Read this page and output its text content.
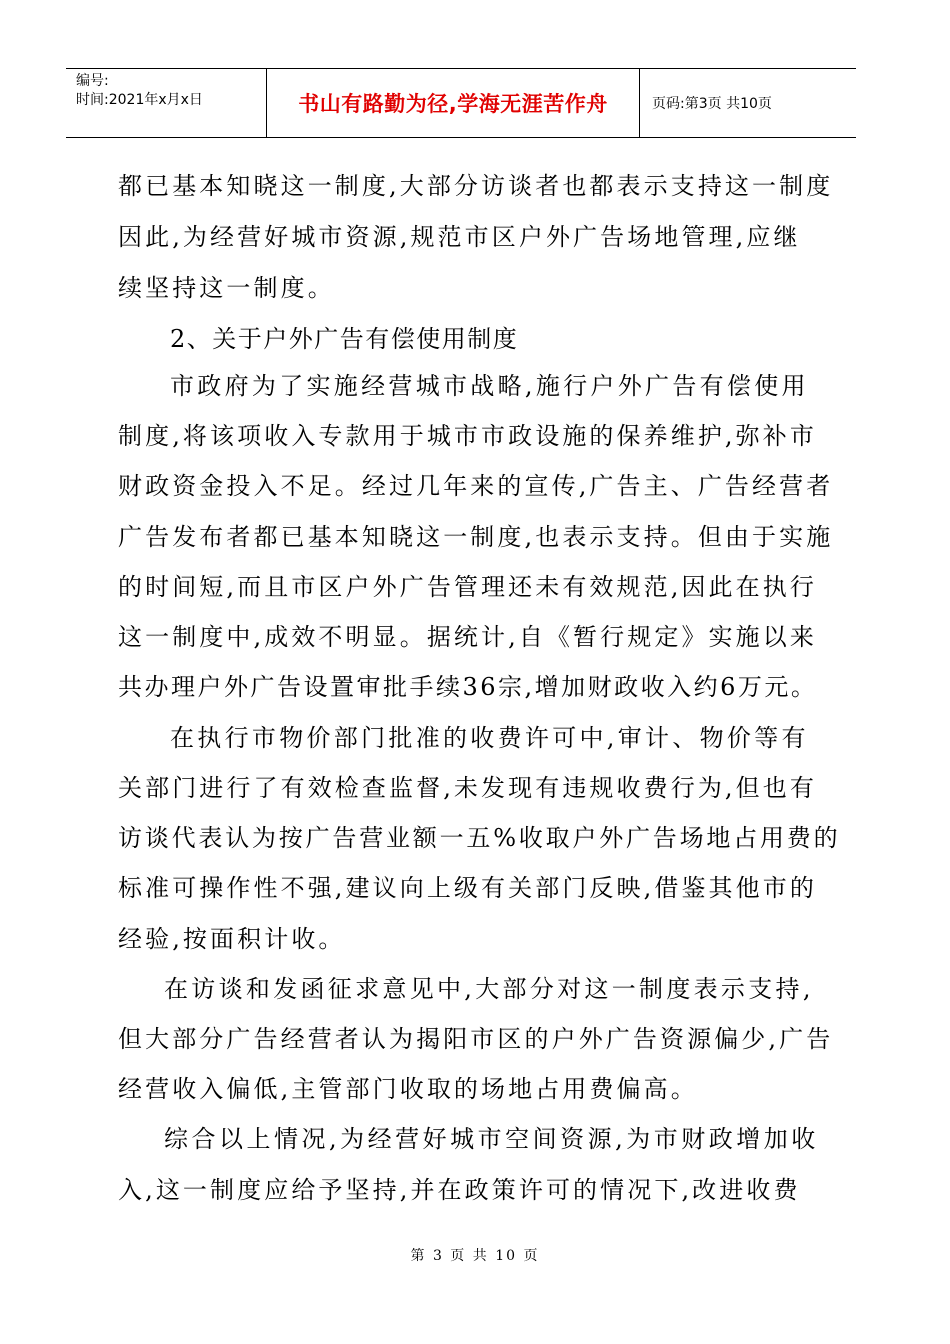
编号:
时间:2021年x月x日	书山有路勤为径,学海无涯苦作舟	页码:第3页 共10页
都已基本知晓这一制度,大部分访谈者也都表示支持这一制度
因此,为经营好城市资源,规范市区户外广告场地管理,应继
续坚持这一制度。
2、关于户外广告有偿使用制度
市政府为了实施经营城市战略,施行户外广告有偿使用
制度,将该项收入专款用于城市市政设施的保养维护,弥补市
财政资金投入不足。经过几年来的宣传,广告主、广告经营者
广告发布者都已基本知晓这一制度,也表示支持。但由于实施
的时间短,而且市区户外广告管理还未有效规范,因此在执行
这一制度中,成效不明显。据统计,自《暂行规定》实施以来
共办理户外广告设置审批手续36宗,增加财政收入约6万元。
在执行市物价部门批准的收费许可中,审计、物价等有
关部门进行了有效检查监督,未发现有违规收费行为,但也有
访谈代表认为按广告营业额一五%收取户外广告场地占用费的
标准可操作性不强,建议向上级有关部门反映,借鉴其他市的
经验,按面积计收。
在访谈和发函征求意见中,大部分对这一制度表示支持,
但大部分广告经营者认为揭阳市区的户外广告资源偏少,广告
经营收入偏低,主管部门收取的场地占用费偏高。
综合以上情况,为经营好城市空间资源,为市财政增加收
入,这一制度应给予坚持,并在政策许可的情况下,改进收费
第 3 页 共 10 页
